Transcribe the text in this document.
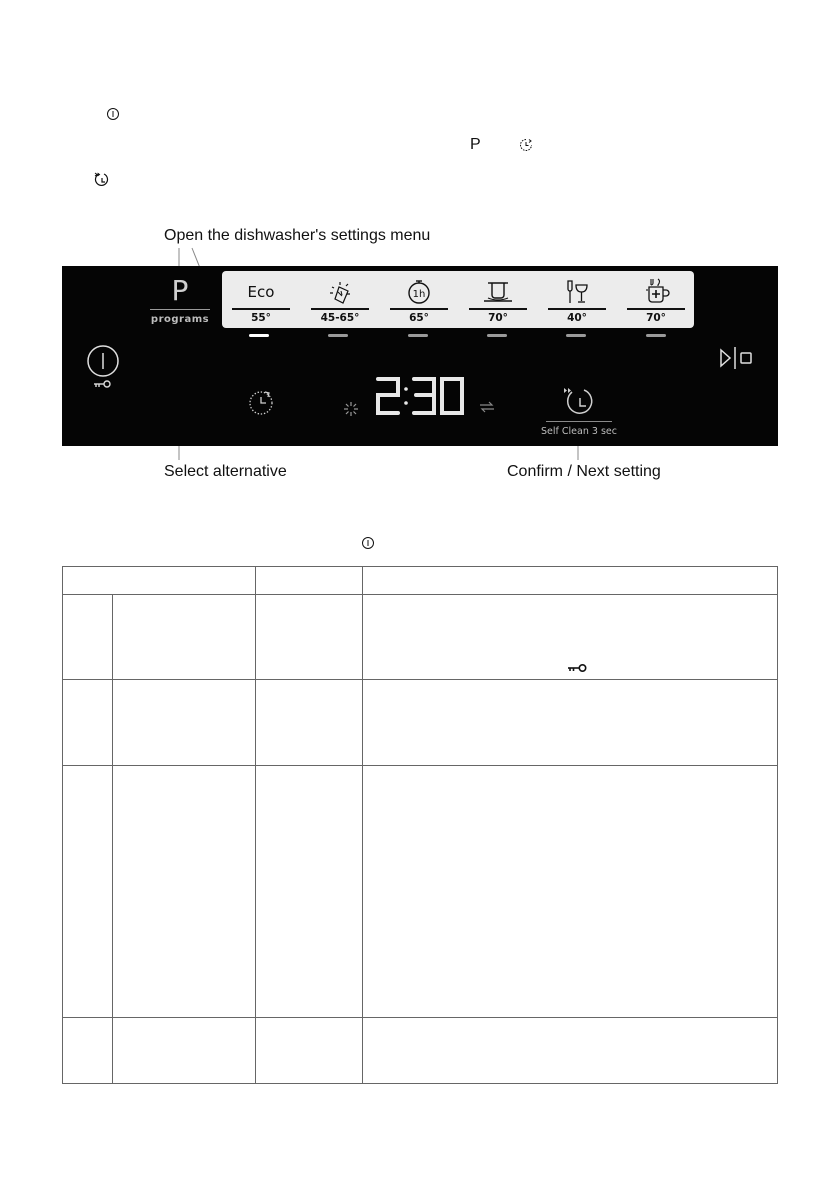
P
Open the dishwasher's settings menu
Select alternative	Confirm / Next setting
P
programs
Eco
55°	45-65°
1h
65°	70°	40°	70°
Self Clean 3 sec
